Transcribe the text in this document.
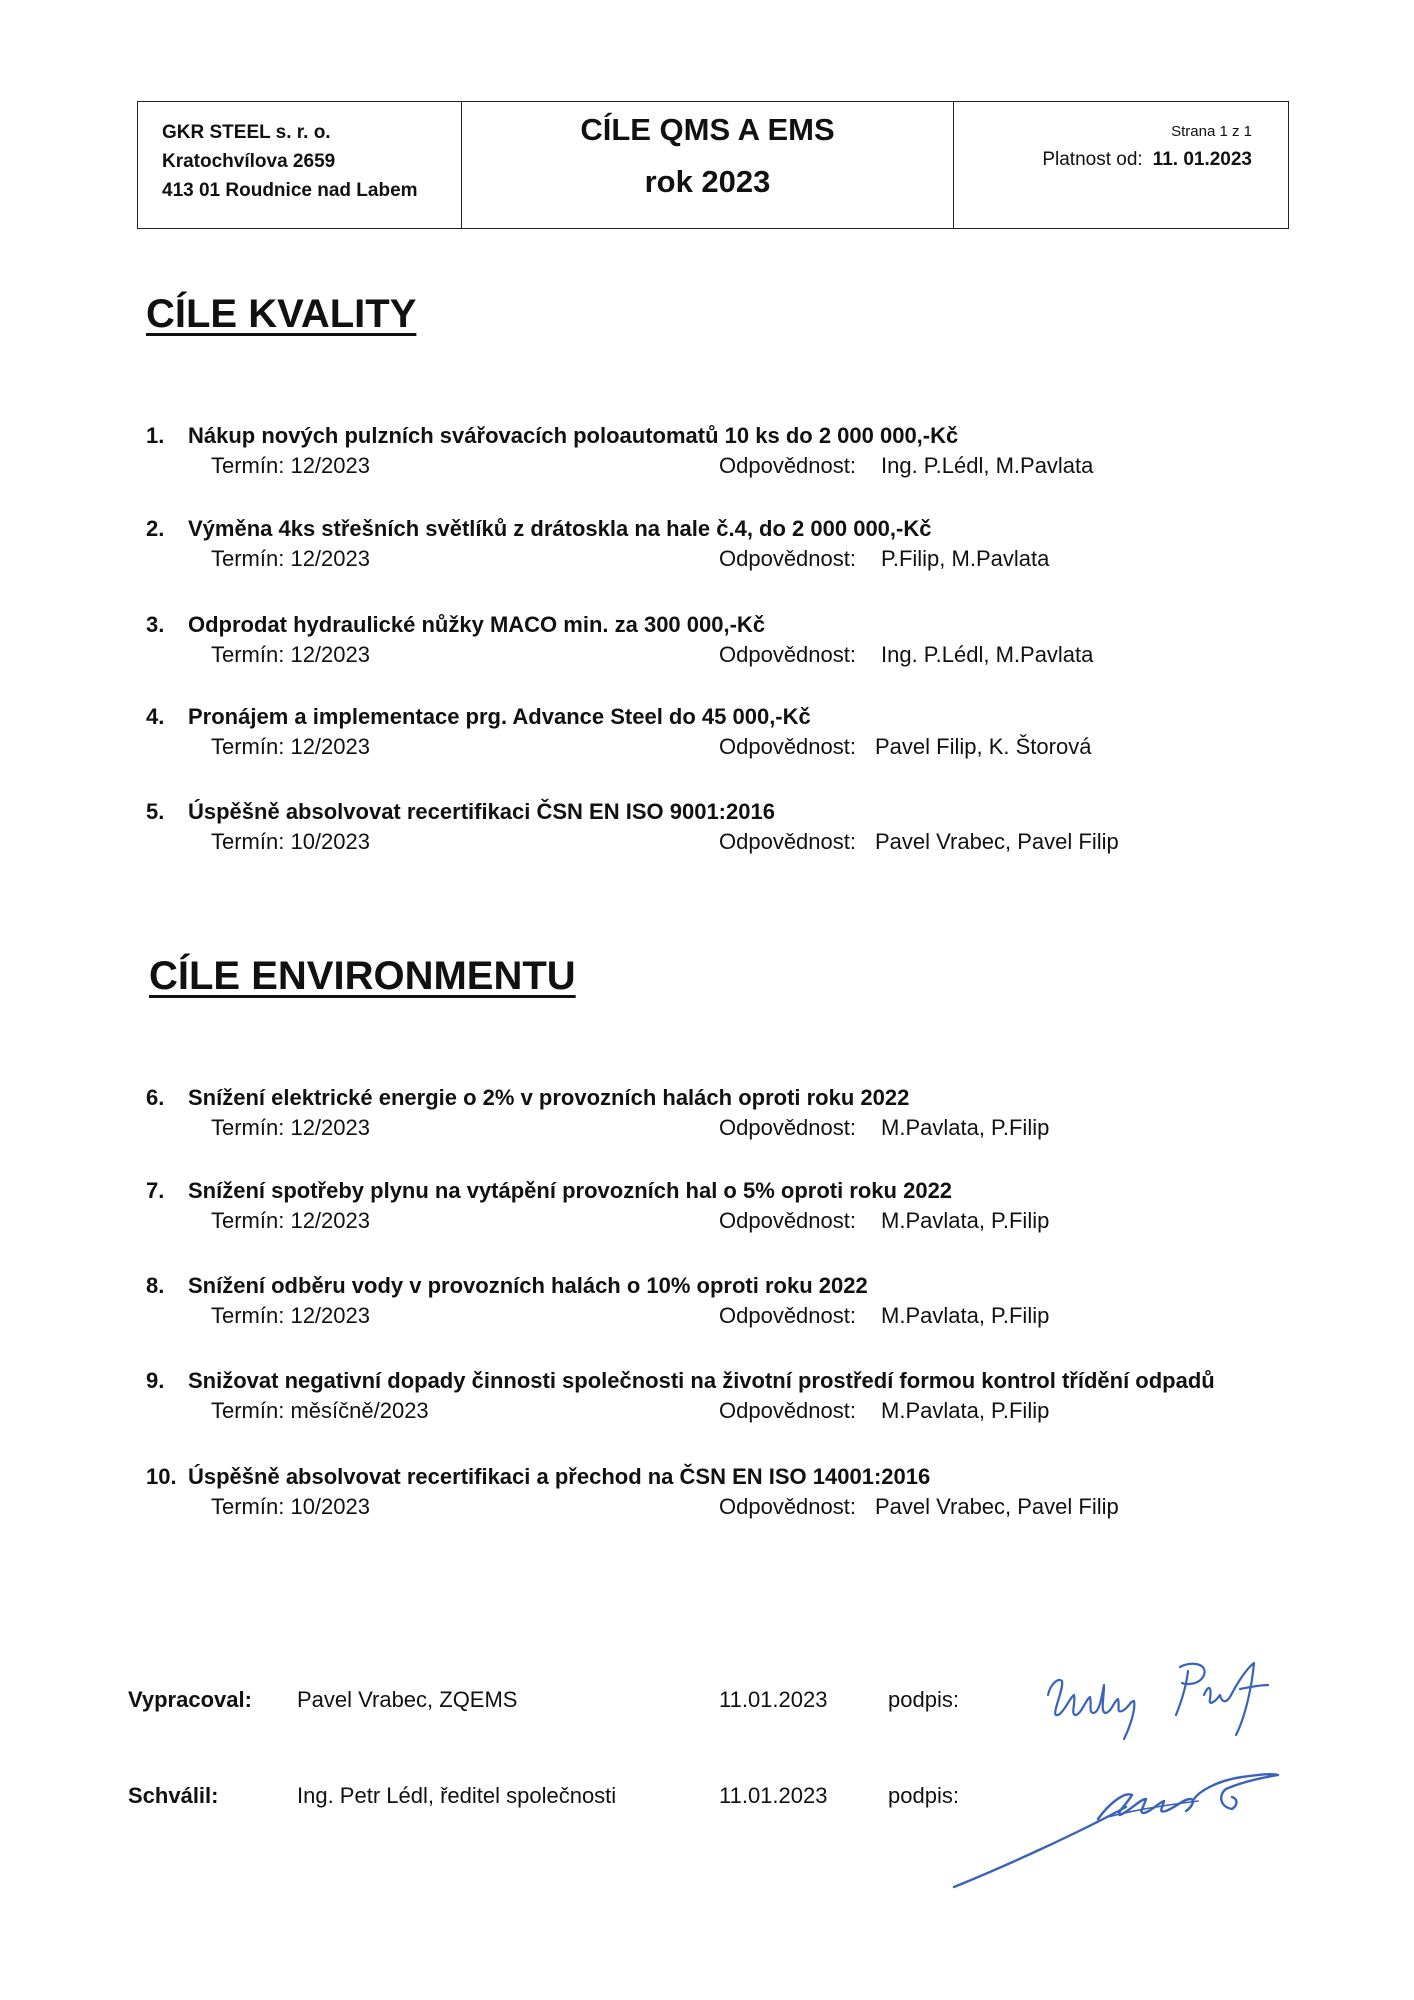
GKR STEEL s. r. o.
Kratochvílova 2659
413 01 Roudnice nad Labem
CÍLE QMS A EMS
rok 2023
Strana 1 z 1
Platnost od: 11. 01.2023
CÍLE KVALITY
1. Nákup nových pulzních svářovacích poloautomatů 10 ks do 2 000 000,-Kč
Termín: 12/2023	Odpovědnost: Ing. P.Lédl, M.Pavlata
2. Výměna 4ks střešních světlíků z drátoskla na hale č.4, do 2 000 000,-Kč
Termín: 12/2023	Odpovědnost: P.Filip, M.Pavlata
3. Odprodat hydraulické nůžky MACO min. za 300 000,-Kč
Termín: 12/2023	Odpovědnost: Ing. P.Lédl, M.Pavlata
4. Pronájem a implementace prg. Advance Steel do 45 000,-Kč
Termín: 12/2023	Odpovědnost: Pavel Filip, K. Štorová
5. Úspěšně absolvovat recertifikaci ČSN EN ISO 9001:2016
Termín: 10/2023	Odpovědnost: Pavel Vrabec, Pavel Filip
CÍLE ENVIRONMENTU
6. Snížení elektrické energie o 2% v provozních halách oproti roku 2022
Termín: 12/2023	Odpovědnost: M.Pavlata, P.Filip
7. Snížení spotřeby plynu na vytápění provozních hal o 5% oproti roku 2022
Termín: 12/2023	Odpovědnost: M.Pavlata, P.Filip
8. Snížení odběru vody v provozních halách o 10% oproti roku 2022
Termín: 12/2023	Odpovědnost: M.Pavlata, P.Filip
9. Snižovat negativní dopady činnosti společnosti na životní prostředí formou kontrol třídění odpadů
Termín: měsíčně/2023	Odpovědnost: M.Pavlata, P.Filip
10. Úspěšně absolvovat recertifikaci a přechod na ČSN EN ISO 14001:2016
Termín: 10/2023	Odpovědnost: Pavel Vrabec, Pavel Filip
Vypracoval: Pavel Vrabec, ZQEMS	11.01.2023	podpis:
Schválil:	Ing. Petr Lédl, ředitel společnosti	11.01.2023	podpis:
